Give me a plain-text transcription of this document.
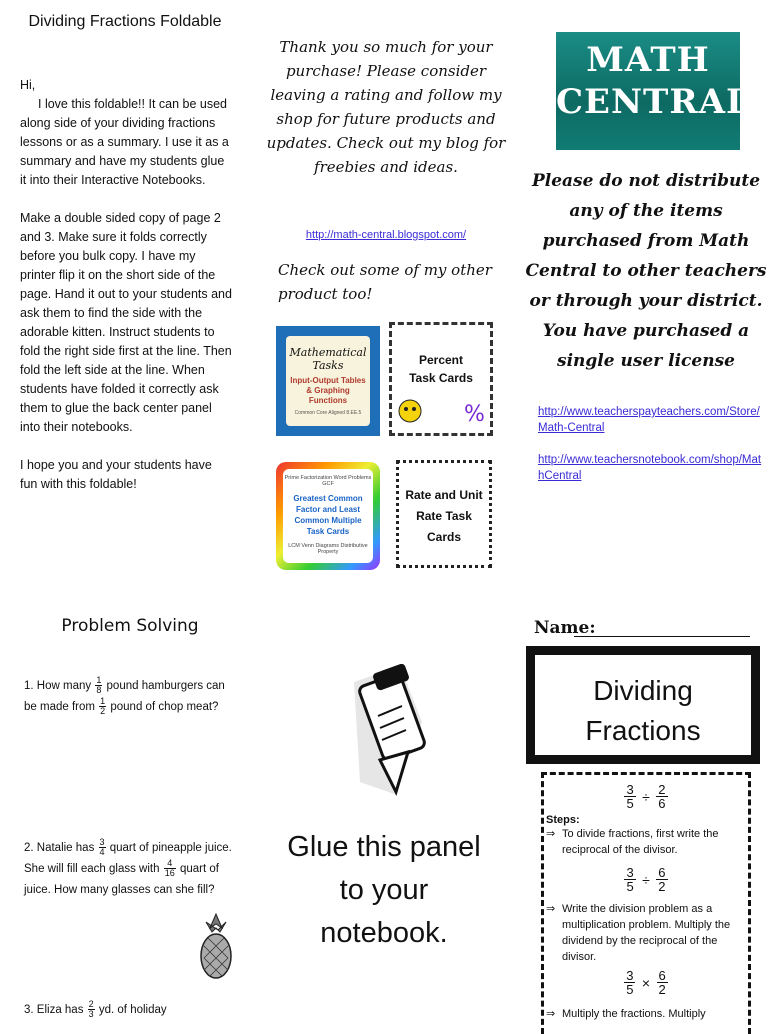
Dividing Fractions Foldable

Hi,

I love this foldable!! It can be used along side of your dividing fractions lessons or as a summary. I use it as a summary and have my students glue it into their Interactive Notebooks.

Make a double sided copy of page 2 and 3. Make sure it folds correctly before you bulk copy. I have my printer flip it on the short side of the page. Hand it out to your students and ask them to find the side with the adorable kitten. Instruct students to fold the right side first at the line. Then fold the left side at the line. When students have folded it correctly ask them to glue the back center panel into their notebooks.

I hope you and your students have fun with this foldable!

Thank you so much for your purchase! Please consider leaving a rating and follow my shop for future products and updates. Check out my blog for freebies and ideas.
http://math-central.blogspot.com/
Check out some of my other product too!
Mathematical Tasks
Input-Output Tables & Graphing Functions
Common Core Aligned 8.EE.5	%
Percent Task Cards
Prime Factorization Word Problems GCF
Greatest Common Factor and Least Common Multiple Task Cards
LCM Venn Diagrams Distributive Property
Rate and Unit Rate Task Cards
MATH
CENTRAL
Please do not distribute any of the items purchased from Math Central to other teachers or through your district. You have purchased a single user license
http://www.teacherspayteachers.com/Store/Math-Central
http://www.teachersnotebook.com/shop/MathCentral
Problem Solving
1. How many $\frac{1}{8}$ pound hamburgers can be made from $\frac{1}{2}$ pound of chop meat?
2. Natalie has $\frac{3}{4}$ quart of pineapple juice. She will fill each glass with $\frac{4}{16}$ quart of juice. How many glasses can she fill?
3. Eliza has $\frac{2}{3}$ yd. of holiday
Glue this panel to your notebook.
Name:
Dividing Fractions
$\frac{3}{5} \div \frac{2}{6}$
Steps:
⇒ To divide fractions, first write the reciprocal of the divisor.
$\frac{3}{5} \div \frac{6}{2}$
⇒ Write the division problem as a multiplication problem. Multiply the dividend by the reciprocal of the divisor.
$\frac{3}{5} \times \frac{6}{2}$
⇒ Multiply the fractions. Multiply
